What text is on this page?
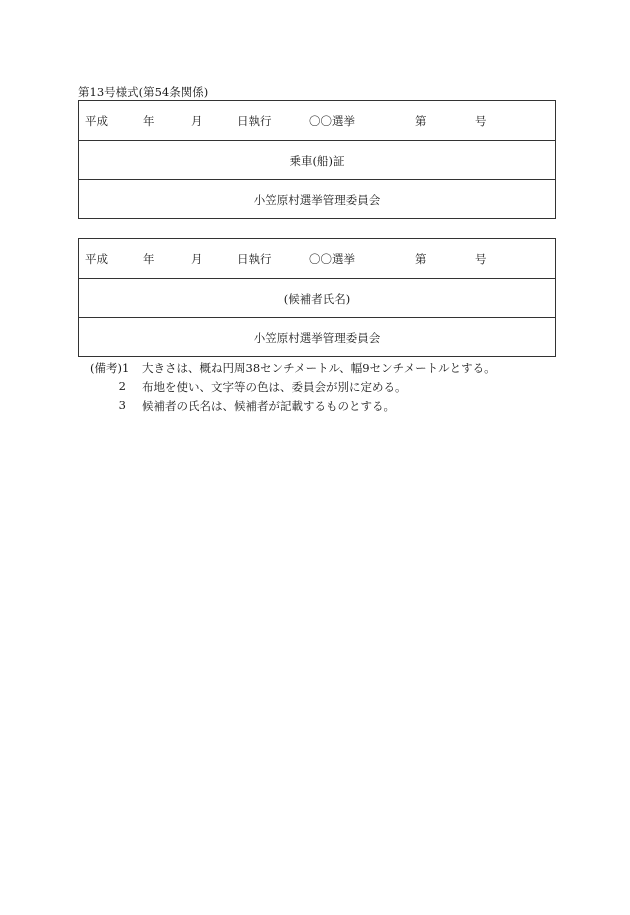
第13号様式(第54条関係)
平成	年	月	日執行	〇〇選挙	第	号
乗車(船)証
小笠原村選挙管理委員会
平成	年	月	日執行	〇〇選挙	第	号
(候補者氏名)
小笠原村選挙管理委員会
(備考)1 大きさは、概ね円周38センチメートル、幅9センチメートルとする。
2 布地を使い、文字等の色は、委員会が別に定める。
3 候補者の氏名は、候補者が記載するものとする。
